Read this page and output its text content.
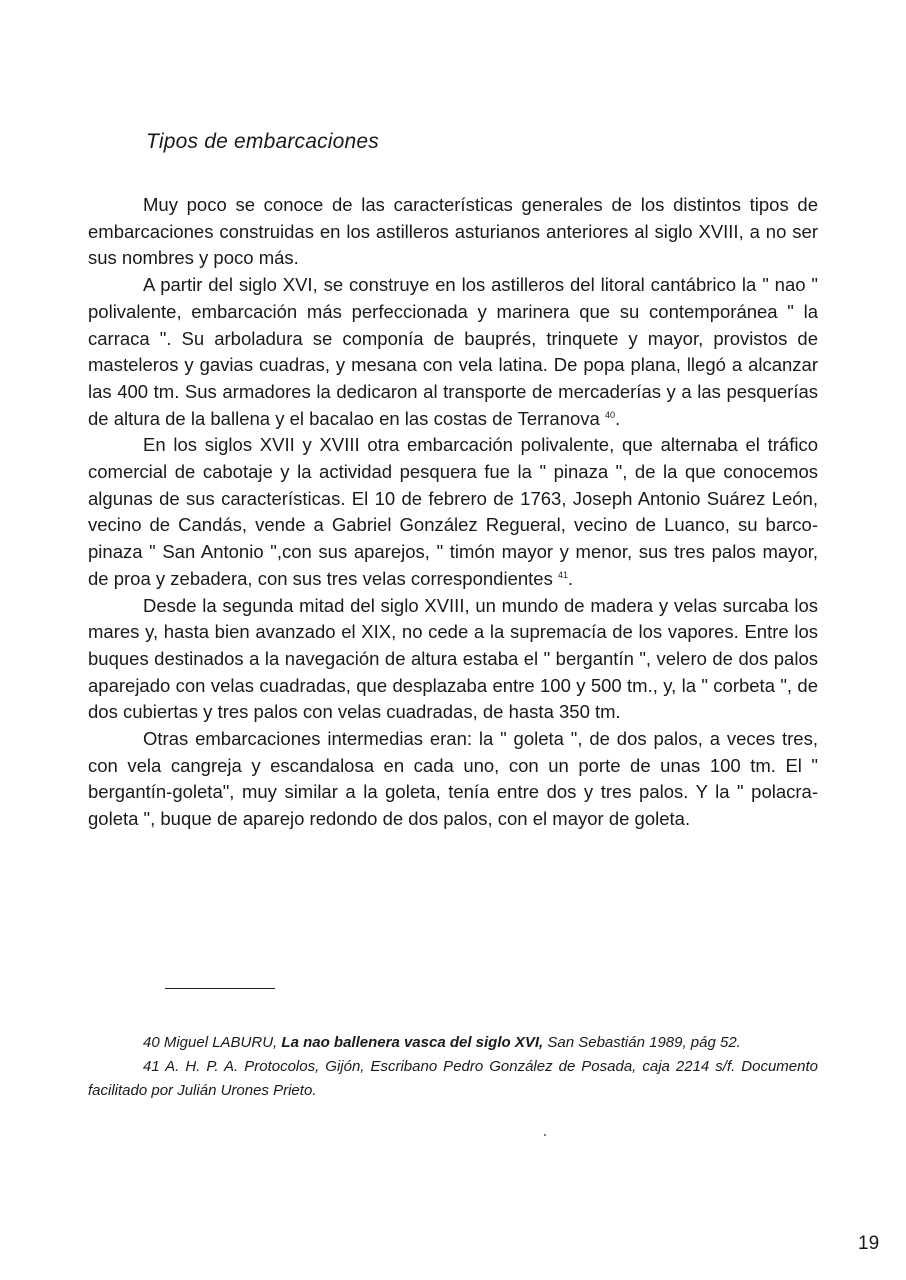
Tipos de embarcaciones

Muy poco se conoce de las características generales de los distintos tipos de embarcaciones construidas en los astilleros asturianos anteriores al siglo XVIII, a no ser sus nombres y poco más.

A partir del siglo XVI, se construye en los astilleros del litoral cantábrico la " nao " polivalente, embarcación más perfeccionada y marinera que su contemporánea " la carraca ". Su arboladura se componía de bauprés, trinquete y mayor, provistos de masteleros y gavias cuadras, y mesana con vela latina. De popa plana, llegó a alcanzar las 400 tm. Sus armadores la dedicaron al transporte de mercaderías y a las pesquerías de altura de la ballena y el bacalao en las costas de Terranova $^{40}$.

En los siglos XVII y XVIII otra embarcación polivalente, que alternaba el tráfico comercial de cabotaje y la actividad pesquera fue la " pinaza ", de la que conocemos algunas de sus características. El 10 de febrero de 1763, Joseph Antonio Suárez León, vecino de Candás, vende a Gabriel González Regueral, vecino de Luanco, su barco-pinaza " San Antonio ",con sus aparejos, " timón mayor y menor, sus tres palos mayor, de proa y zebadera, con sus tres velas correspondientes $^{41}$.

Desde la segunda mitad del siglo XVIII, un mundo de madera y velas surcaba los mares y, hasta bien avanzado el XIX, no cede a la supremacía de los vapores. Entre los buques destinados a la navegación de altura estaba el " bergantín ", velero de dos palos aparejado con velas cuadradas, que desplazaba entre 100 y 500 tm., y, la " corbeta ", de dos cubiertas y tres palos con velas cuadradas, de hasta 350 tm.

Otras embarcaciones intermedias eran: la " goleta ", de dos palos, a veces tres, con vela cangreja y escandalosa en cada uno, con un porte de unas 100 tm. El " bergantín-goleta", muy similar a la goleta, tenía entre dos y tres palos. Y la " polacra-goleta ", buque de aparejo redondo de dos palos, con el mayor de goleta.

40 Miguel LABURU, La nao ballenera vasca del siglo XVI, San Sebastián 1989, pág 52.

41 A. H. P. A. Protocolos, Gijón, Escribano Pedro González de Posada, caja 2214 s/f. Documento facilitado por Julián Urones Prieto.

19
